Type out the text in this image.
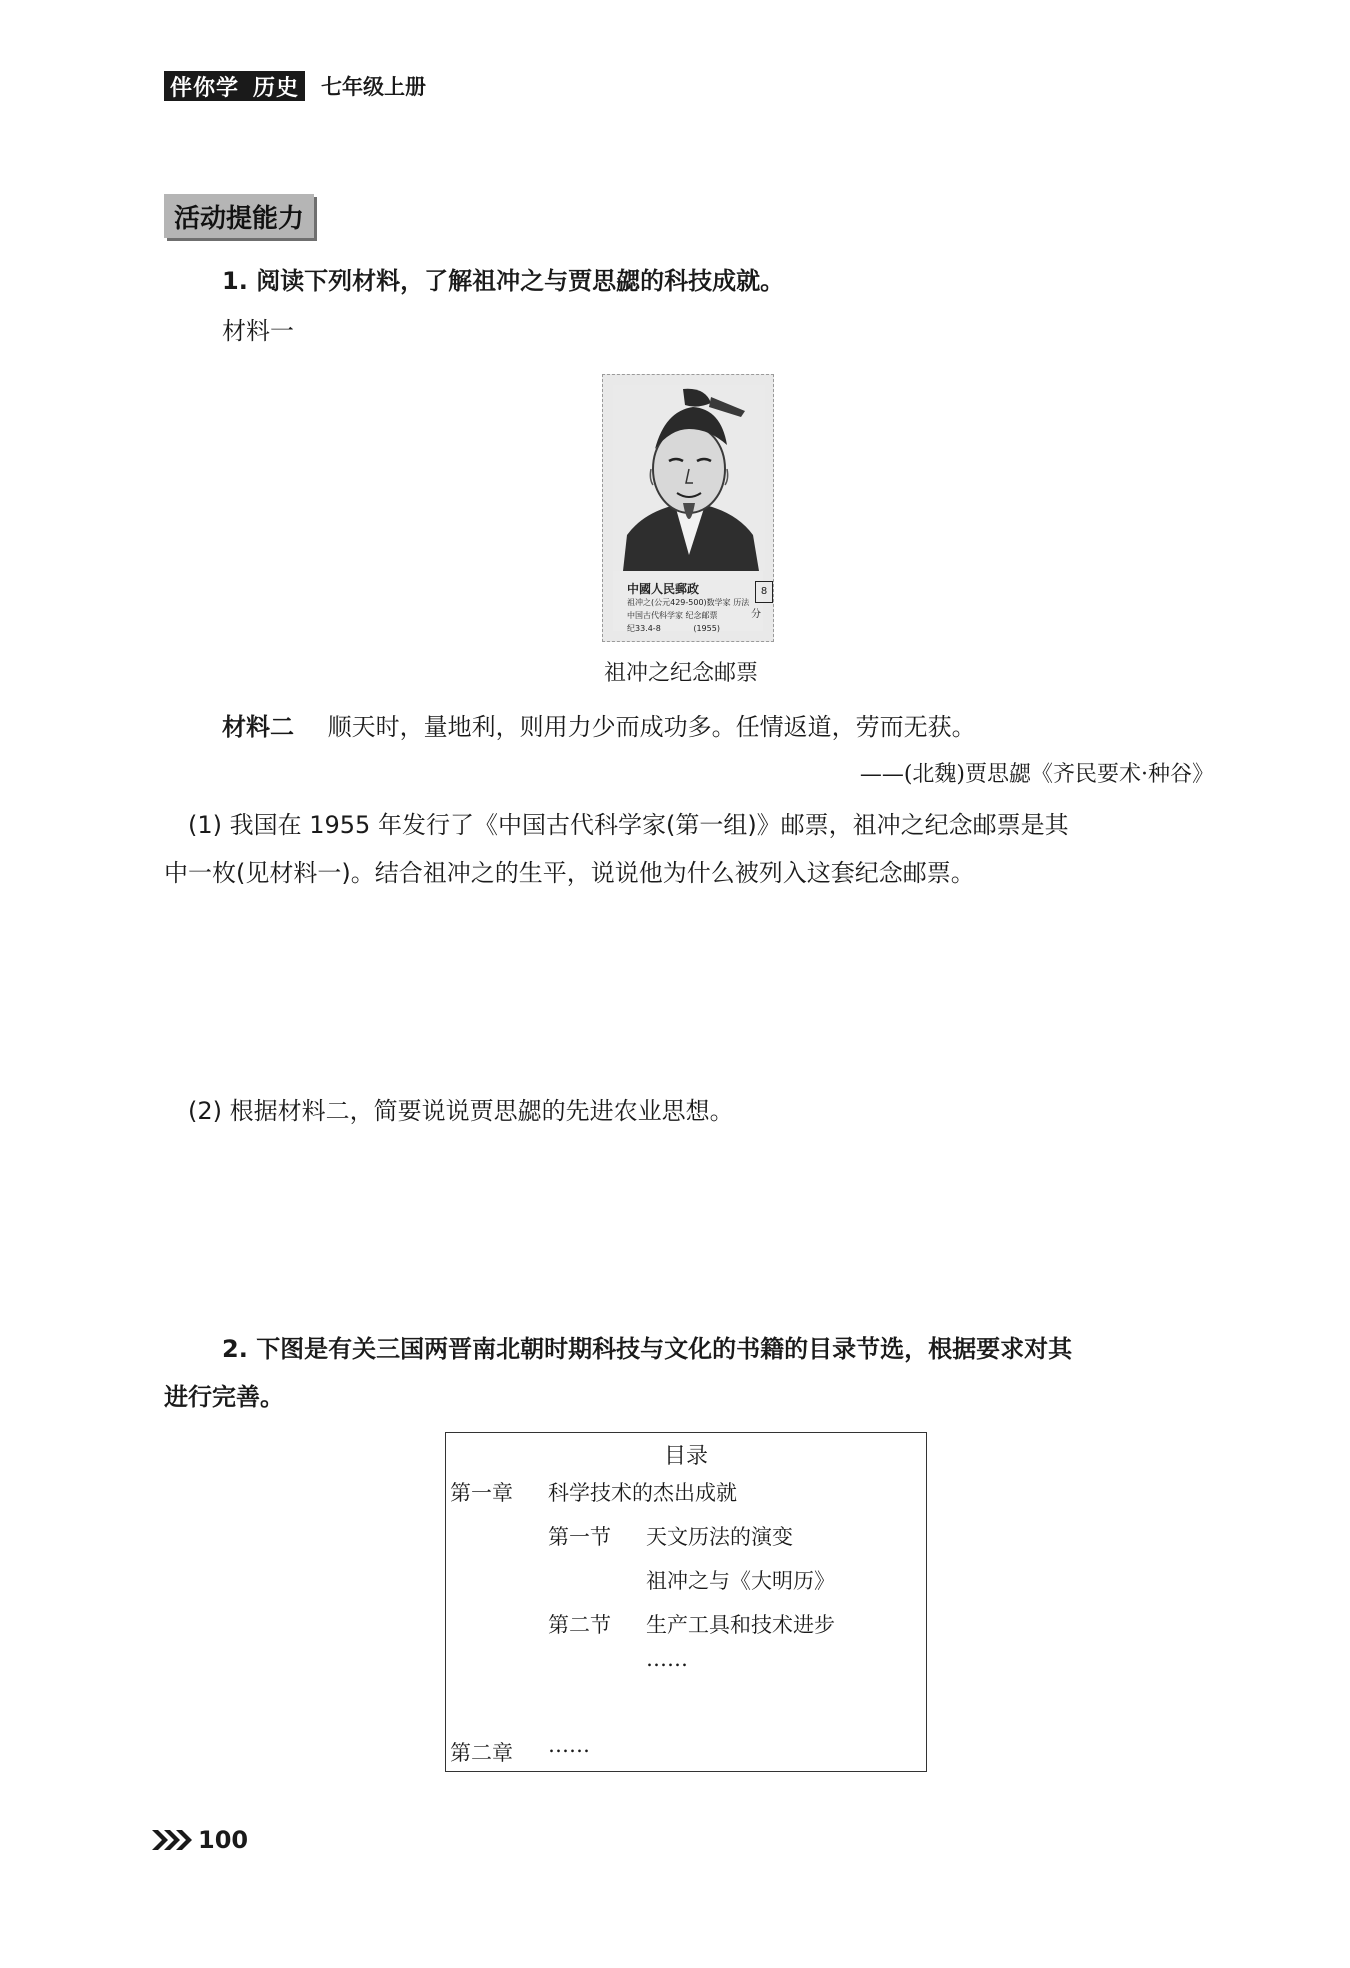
伴你学 历史 七年级上册
活动提能力
1. 阅读下列材料，了解祖冲之与贾思勰的科技成就。
材料一
中國人民郵政
祖冲之(公元429-500)数学家 历法
中国古代科学家 纪念邮票
纪33.4-8	(1955)
8
分
祖冲之纪念邮票
材料二 顺天时，量地利，则用力少而成功多。任情返道，劳而无获。
——(北魏)贾思勰《齐民要术·种谷》
(1) 我国在 1955 年发行了《中国古代科学家(第一组)》邮票，祖冲之纪念邮票是其
中一枚(见材料一)。结合祖冲之的生平，说说他为什么被列入这套纪念邮票。
(2) 根据材料二，简要说说贾思勰的先进农业思想。
2. 下图是有关三国两晋南北朝时期科技与文化的书籍的目录节选，根据要求对其
进行完善。
目录
第一章 科学技术的杰出成就
第一节 天文历法的演变
祖冲之与《大明历》
第二节 生产工具和技术进步
……
第二章 ……
100
